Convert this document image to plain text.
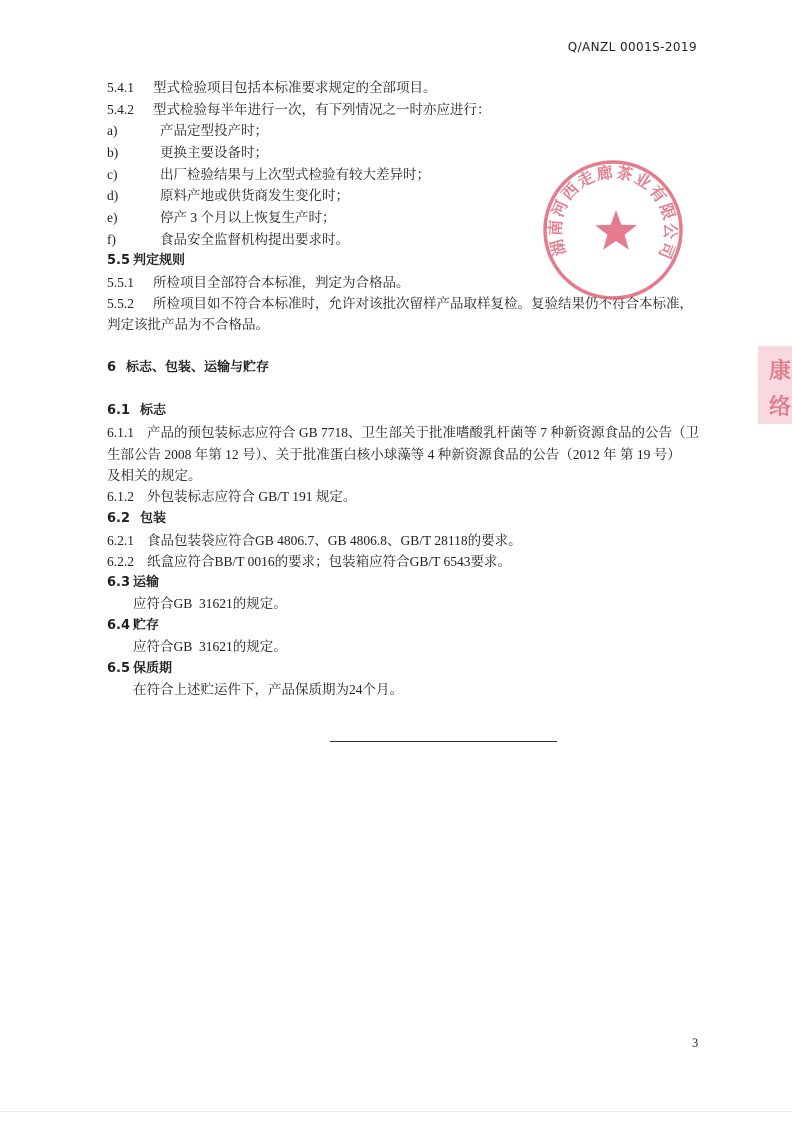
Q/ANZL 0001S-2019
5.4.1 型式检验项目包括本标准要求规定的全部项目。
5.4.2 型式检验每半年进行一次，有下列情况之一时亦应进行：
a)	产品定型投产时；
b)	更换主要设备时；
c)	出厂检验结果与上次型式检验有较大差异时；
d)	原料产地或供货商发生变化时；
e)	停产 3 个月以上恢复生产时；
f)	食品安全监督机构提出要求时。
5.5 判定规则
5.5.1 所检项目全部符合本标准，判定为合格品。
5.5.2 所检项目如不符合本标准时，允许对该批次留样产品取样复检。复验结果仍不符合本标准，
判定该批产品为不合格品。
6 标志、包装、运输与贮存
6.1 标志
6.1.1 产品的预包装标志应符合 GB 7718、卫生部关于批准嗜酸乳杆菌等 7 种新资源食品的公告（卫
生部公告 2008 年第 12 号）、关于批准蛋白核小球藻等 4 种新资源食品的公告（2012 年 第 19 号）
及相关的规定。
6.1.2 外包装标志应符合 GB/T 191 规定。
6.2 包装
6.2.1 食品包装袋应符合GB 4806.7、GB 4806.8、GB/T 28118的要求。
6.2.2 纸盒应符合BB/T 0016的要求；包装箱应符合GB/T 6543要求。
6.3 运输
应符合GB  31621的规定。
6.4 贮存
应符合GB  31621的规定。
6.5 保质期
在符合上述贮运件下，产品保质期为24个月。
3
湖南河西走廊茶业有限公司
康
络
